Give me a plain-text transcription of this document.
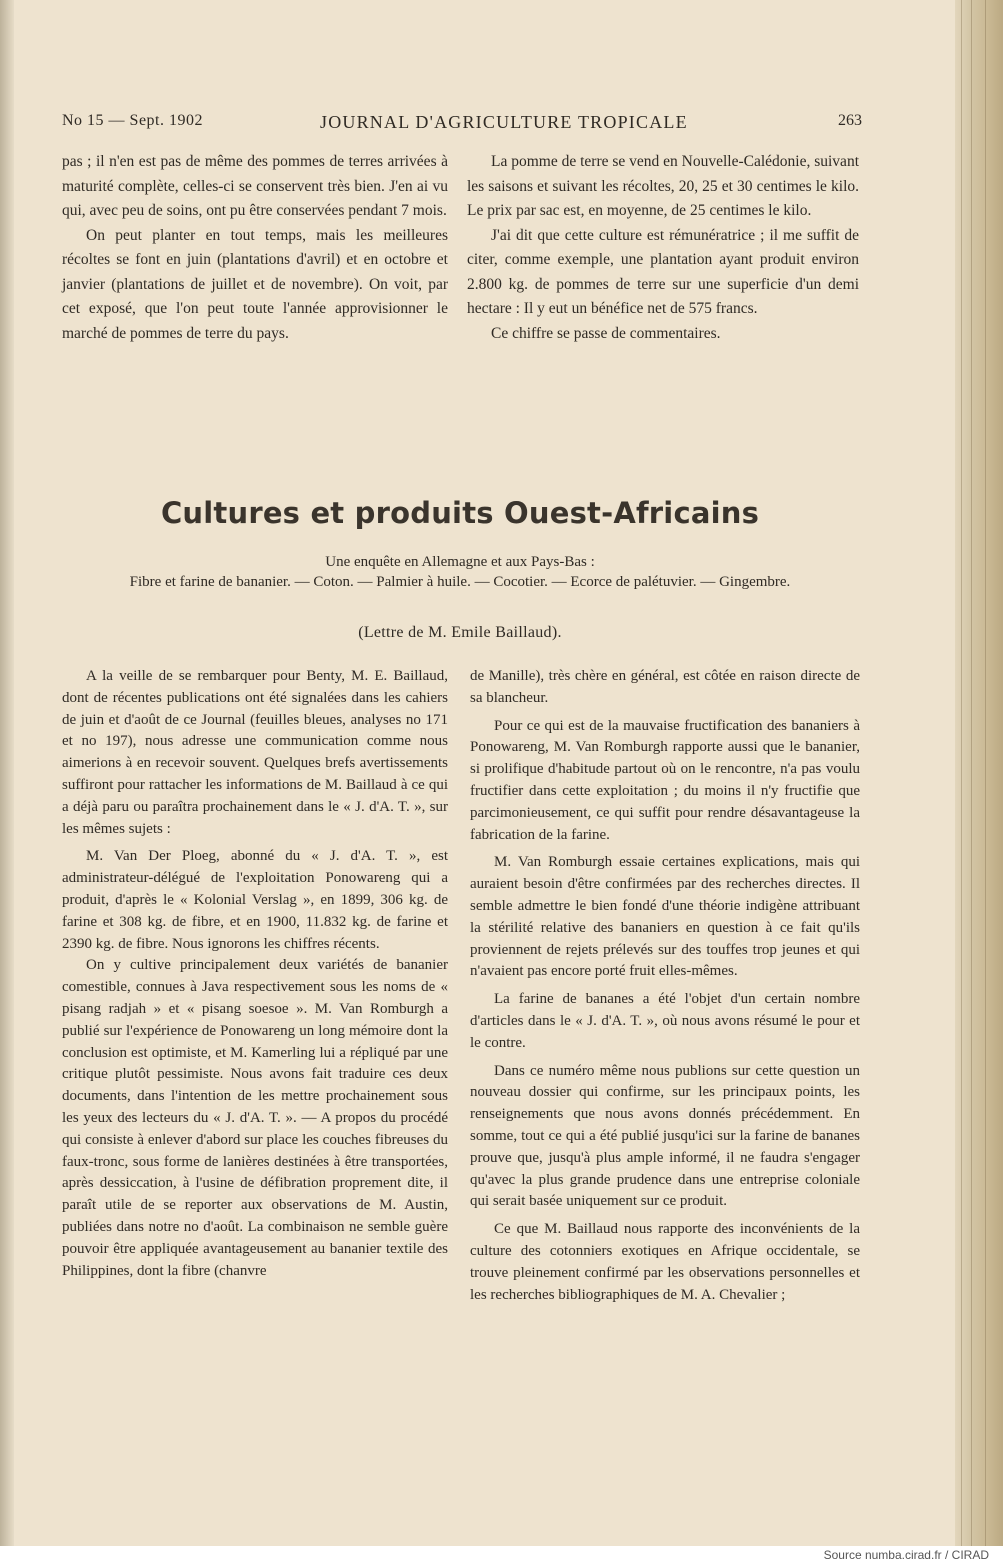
No 15 — Sept. 1902	JOURNAL D'AGRICULTURE TROPICALE	263

pas ; il n'en est pas de même des pommes de terres arrivées à maturité complète, celles-ci se conservent très bien. J'en ai vu qui, avec peu de soins, ont pu être conservées pendant 7 mois.

On peut planter en tout temps, mais les meilleures récoltes se font en juin (plantations d'avril) et en octobre et janvier (plantations de juillet et de novembre). On voit, par cet exposé, que l'on peut toute l'année approvisionner le marché de pommes de terre du pays.

La pomme de terre se vend en Nouvelle-Calédonie, suivant les saisons et suivant les récoltes, 20, 25 et 30 centimes le kilo. Le prix par sac est, en moyenne, de 25 centimes le kilo.

J'ai dit que cette culture est rémunératrice ; il me suffit de citer, comme exemple, une plantation ayant produit environ 2.800 kg. de pommes de terre sur une superficie d'un demi hectare : Il y eut un bénéfice net de 575 francs.

Ce chiffre se passe de commentaires.

Cultures et produits Ouest-Africains
Une enquête en Allemagne et aux Pays-Bas :
Fibre et farine de bananier. — Coton. — Palmier à huile. — Cocotier. — Ecorce de palétuvier. — Gingembre.
(Lettre de M. Emile Baillaud).

A la veille de se rembarquer pour Benty, M. E. Baillaud, dont de récentes publications ont été signalées dans les cahiers de juin et d'août de ce Journal (feuilles bleues, analyses no 171 et no 197), nous adresse une communication comme nous aimerions à en recevoir souvent. Quelques brefs avertissements suffiront pour rattacher les informations de M. Baillaud à ce qui a déjà paru ou paraîtra prochainement dans le « J. d'A. T. », sur les mêmes sujets :

M. Van Der Ploeg, abonné du « J. d'A. T. », est administrateur-délégué de l'exploitation Ponowareng qui a produit, d'après le « Kolonial Verslag », en 1899, 306 kg. de farine et 308 kg. de fibre, et en 1900, 11.832 kg. de farine et 2390 kg. de fibre. Nous ignorons les chiffres récents.

On y cultive principalement deux variétés de bananier comestible, connues à Java respectivement sous les noms de « pisang radjah » et « pisang soesoe ». M. Van Romburgh a publié sur l'expérience de Ponowareng un long mémoire dont la conclusion est optimiste, et M. Kamerling lui a répliqué par une critique plutôt pessimiste. Nous avons fait traduire ces deux documents, dans l'intention de les mettre prochainement sous les yeux des lecteurs du « J. d'A. T. ». — A propos du procédé qui consiste à enlever d'abord sur place les couches fibreuses du faux-tronc, sous forme de lanières destinées à être transportées, après dessiccation, à l'usine de défibration proprement dite, il paraît utile de se reporter aux observations de M. Austin, publiées dans notre no d'août. La combinaison ne semble guère pouvoir être appliquée avantageusement au bananier textile des Philippines, dont la fibre (chanvre

de Manille), très chère en général, est côtée en raison directe de sa blancheur.

Pour ce qui est de la mauvaise fructification des bananiers à Ponowareng, M. Van Romburgh rapporte aussi que le bananier, si prolifique d'habitude partout où on le rencontre, n'a pas voulu fructifier dans cette exploitation ; du moins il n'y fructifie que parcimonieusement, ce qui suffit pour rendre désavantageuse la fabrication de la farine.

M. Van Romburgh essaie certaines explications, mais qui auraient besoin d'être confirmées par des recherches directes. Il semble admettre le bien fondé d'une théorie indigène attribuant la stérilité relative des bananiers en question à ce fait qu'ils proviennent de rejets prélevés sur des touffes trop jeunes et qui n'avaient pas encore porté fruit elles-mêmes.

La farine de bananes a été l'objet d'un certain nombre d'articles dans le « J. d'A. T. », où nous avons résumé le pour et le contre.

Dans ce numéro même nous publions sur cette question un nouveau dossier qui confirme, sur les principaux points, les renseignements que nous avons donnés précédemment. En somme, tout ce qui a été publié jusqu'ici sur la farine de bananes prouve que, jusqu'à plus ample informé, il ne faudra s'engager qu'avec la plus grande prudence dans une entreprise coloniale qui serait basée uniquement sur ce produit.

Ce que M. Baillaud nous rapporte des inconvénients de la culture des cotonniers exotiques en Afrique occidentale, se trouve pleinement confirmé par les observations personnelles et les recherches bibliographiques de M. A. Chevalier ;

Source numba.cirad.fr / CIRAD
